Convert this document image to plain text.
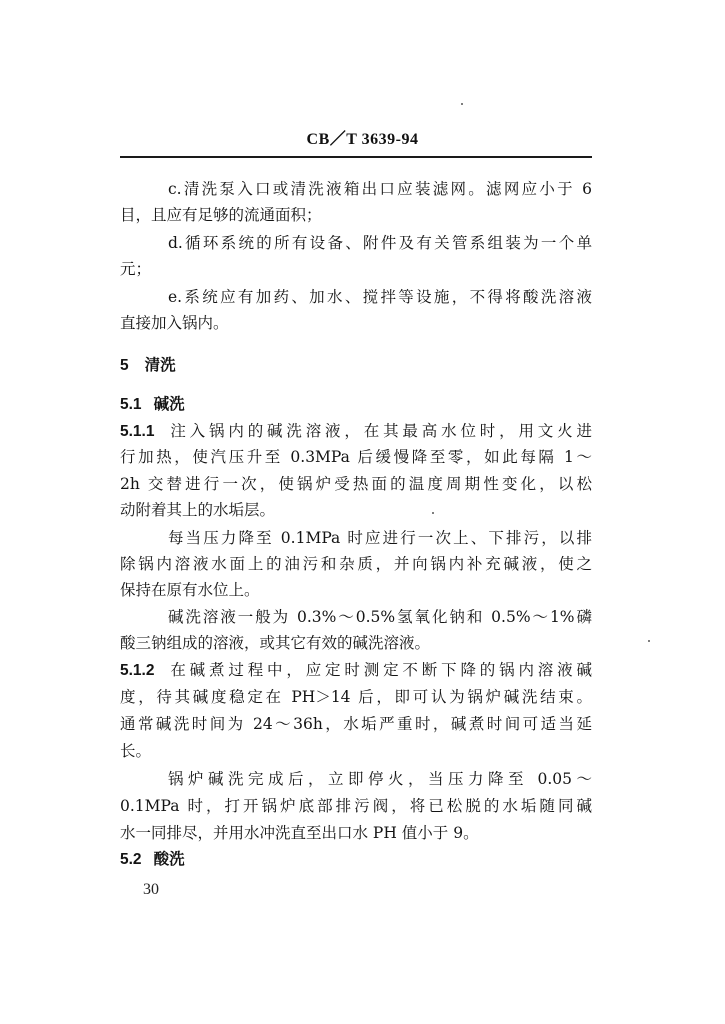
CB／T 3639-94
c.清洗泵入口或清洗液箱出口应装滤网。滤网应小于 6
目，且应有足够的流通面积；
d.循环系统的所有设备、附件及有关管系组装为一个单
元；
e.系统应有加药、加水、搅拌等设施，不得将酸洗溶液
直接加入锅内。
5 清洗
5.1 碱洗
5.1.1 注入锅内的碱洗溶液，在其最高水位时，用文火进
行加热，使汽压升至 0.3MPa 后缓慢降至零，如此每隔 1～
2h 交替进行一次，使锅炉受热面的温度周期性变化，以松
动附着其上的水垢层。
每当压力降至 0.1MPa 时应进行一次上、下排污，以排
除锅内溶液水面上的油污和杂质，并向锅内补充碱液，使之
保持在原有水位上。
碱洗溶液一般为 0.3%～0.5%氢氧化钠和 0.5%～1%磷
酸三钠组成的溶液，或其它有效的碱洗溶液。
5.1.2 在碱煮过程中，应定时测定不断下降的锅内溶液碱
度，待其碱度稳定在 PH＞14 后，即可认为锅炉碱洗结束。
通常碱洗时间为 24～36h，水垢严重时，碱煮时间可适当延
长。
锅炉碱洗完成后，立即停火，当压力降至 0.05～
0.1MPa 时，打开锅炉底部排污阀，将已松脱的水垢随同碱
水一同排尽，并用水冲洗直至出口水 PH 值小于 9。
5.2 酸洗
30
